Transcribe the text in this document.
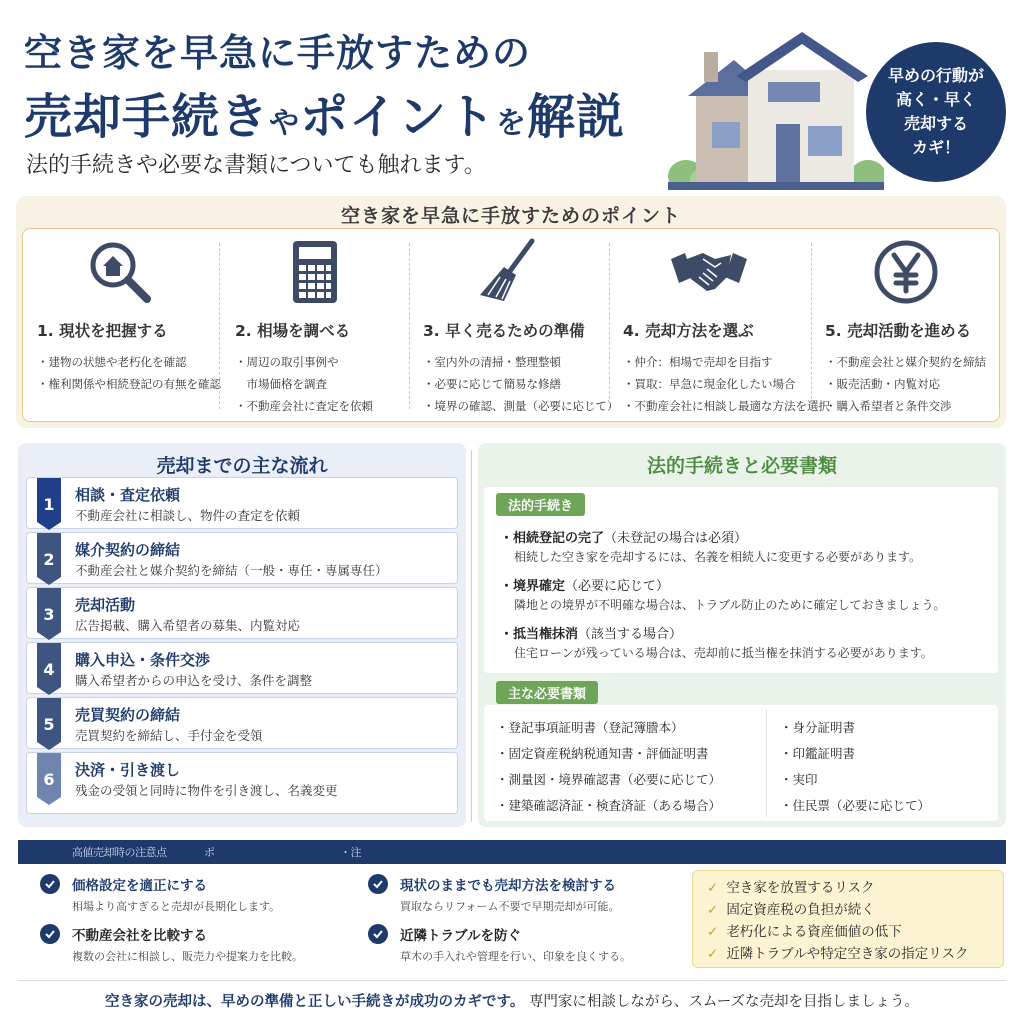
空き家を早急に手放すための
売却手続きやポイントを解説
法的手続きや必要な書類についても触れます。
早めの行動が
高く・早く
売却する
カギ！
空き家を早急に手放すためのポイント
1. 現状を把握する
・ 建物の状態や老朽化を確認
・ 権利関係や相続登記の有無を確認
2. 相場を調べる
・ 周辺の取引事例や
市場価格を調査
・ 不動産会社に査定を依頼
3. 早く売るための準備
・ 室内外の清掃・整理整頓
・ 必要に応じて簡易な修繕
・ 境界の確認、測量（必要に応じて）
4. 売却方法を選ぶ
・ 仲介：相場で売却を目指す
・ 買取：早急に現金化したい場合
・ 不動産会社に相談し最適な方法を選択
5. 売却活動を進める
・ 不動産会社と媒介契約を締結
・ 販売活動・内覧対応
・ 購入希望者と条件交渉
売却までの主な流れ
1	相談・査定依頼
不動産会社に相談し、物件の査定を依頼
2	媒介契約の締結
不動産会社と媒介契約を締結（一般・専任・専属専任）
3	売却活動
広告掲載、購入希望者の募集、内覧対応
4	購入申込・条件交渉
購入希望者からの申込を受け、条件を調整
5	売買契約の締結
売買契約を締結し、手付金を受領
6	決済・引き渡し
残金の受領と同時に物件を引き渡し、名義変更
法的手続きと必要書類
法的手続き
・相続登記の完了（未登記の場合は必須）
相続した空き家を売却するには、名義を相続人に変更する必要があります。
・境界確定（必要に応じて）
隣地との境界が不明確な場合は、トラブル防止のために確定しておきましょう。
・抵当権抹消（該当する場合）
住宅ローンが残っている場合は、売却前に抵当権を抹消する必要があります。
主な必要書類
・ 登記事項証明書（登記簿謄本）
・ 固定資産税納税通知書・評価証明書
・ 測量図・境界確認書（必要に応じて）
・ 建築確認済証・検査済証（ある場合）
・ 身分証明書
・ 印鑑証明書
・ 実印
・ 住民票（必要に応じて）
高値売却時の注意点	ポ	・注
価格設定を適正にする
相場より高すぎると売却が長期化します。
現状のままでも売却方法を検討する
買取ならリフォーム不要で早期売却が可能。
不動産会社を比較する
複数の会社に相談し、販売力や提案力を比較。
近隣トラブルを防ぐ
草木の手入れや管理を行い、印象を良くする。
✓ 空き家を放置するリスク
✓ 固定資産税の負担が続く
✓ 老朽化による資産価値の低下
✓ 近隣トラブルや特定空き家の指定リスク
空き家の売却は、早めの準備と正しい手続きが成功のカギです。 専門家に相談しながら、スムーズな売却を目指しましょう。
